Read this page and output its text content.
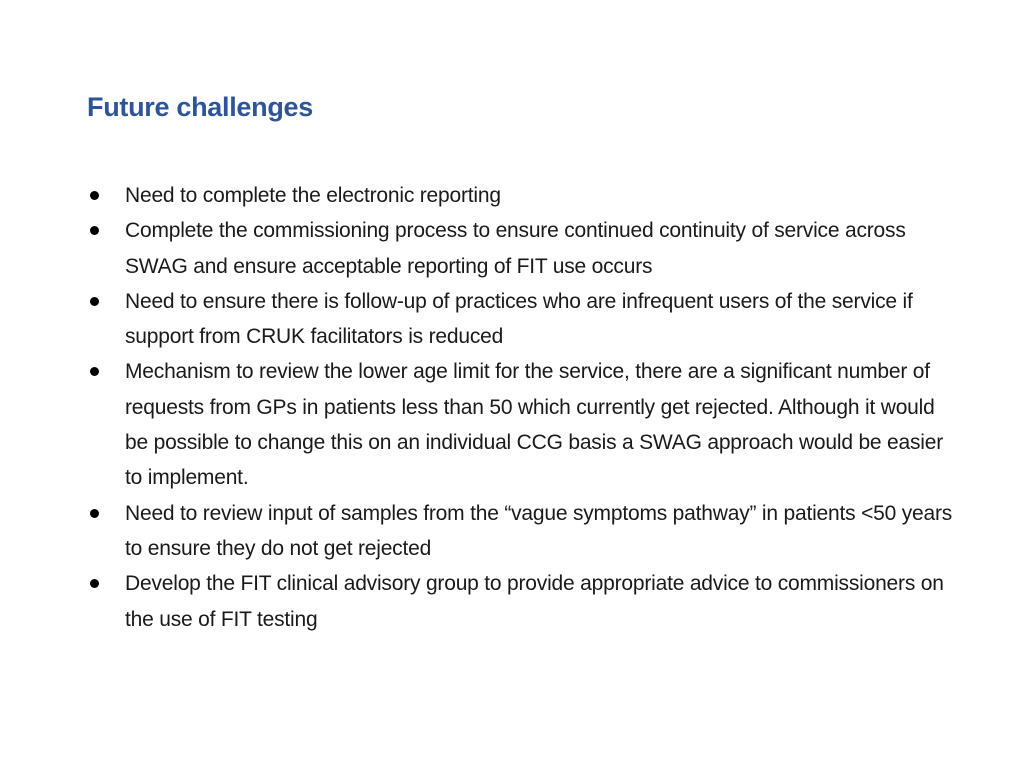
Future challenges
Need to complete the electronic reporting
Complete the commissioning process to ensure continued continuity of service across SWAG and ensure acceptable reporting of FIT use occurs
Need to ensure there is follow-up of practices who are infrequent users of the service if support from CRUK facilitators is reduced
Mechanism to review the lower age limit for the service, there are a significant number of requests from GPs in patients less than 50 which currently get rejected. Although it would be possible to change this on an individual CCG basis a SWAG approach would be easier to implement.
Need to review input of samples from the “vague symptoms pathway” in patients <50 years to ensure they do not get rejected
Develop the FIT clinical advisory group to provide appropriate advice to commissioners on the use of FIT testing
